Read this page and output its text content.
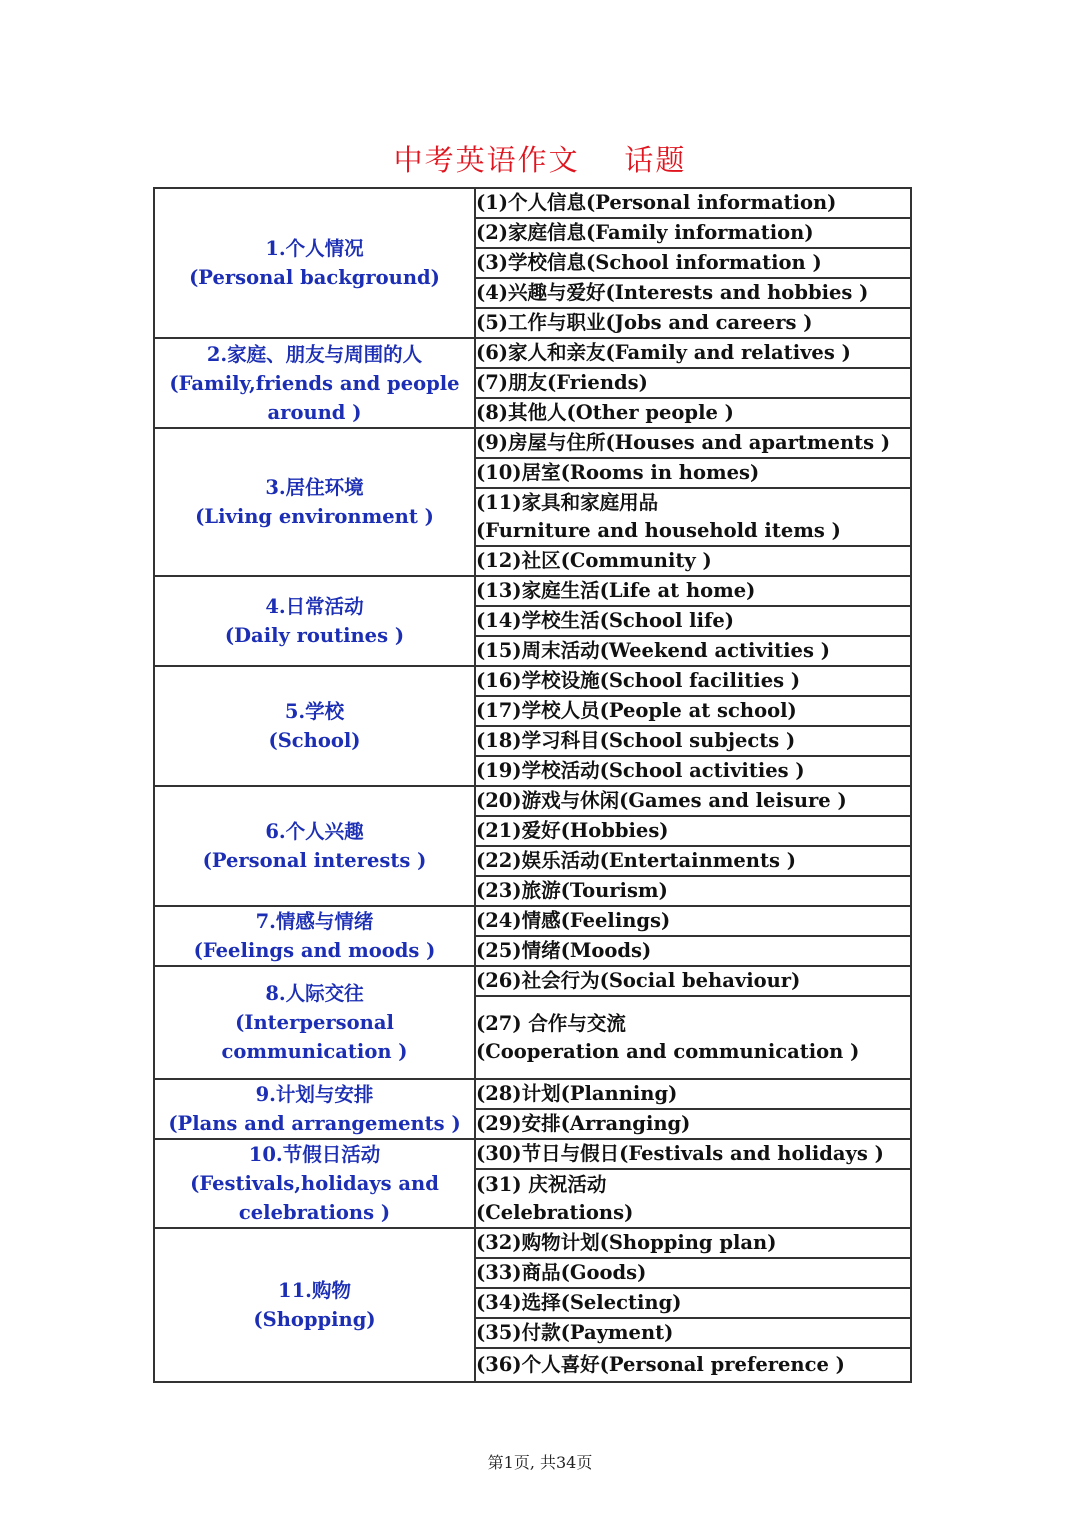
中考英语作文    话题
1.个人情况
(Personal background)	(1)个人信息(Personal information)
	(2)家庭信息(Family information)
	(3)学校信息(School information )
	(4)兴趣与爱好(Interests and hobbies )
	(5)工作与职业(Jobs and careers )

2.家庭、朋友与周围的人
(Family,friends and people around )	(6)家人和亲友(Family and relatives )
	(7)朋友(Friends)
	(8)其他人(Other people )

3.居住环境
(Living environment )	(9)房屋与住所(Houses and apartments )
	(10)居室(Rooms in homes)

	(11)家具和家庭用品
(Furniture and household items )

	(12)社区(Community )

4.日常活动
(Daily routines )	(13)家庭生活(Life at home)
	(14)学校生活(School life)
	(15)周末活动(Weekend activities )

5.学校
(School)	(16)学校设施(School facilities )
	(17)学校人员(People at school)
	(18)学习科目(School subjects )
	(19)学校活动(School activities )

6.个人兴趣
(Personal interests )	(20)游戏与休闲(Games and leisure )
	(21)爱好(Hobbies)
	(22)娱乐活动(Entertainments )
	(23)旅游(Tourism)

7.情感与情绪
(Feelings and moods )	(24)情感(Feelings)
	(25)情绪(Moods)

8.人际交往
(Interpersonal communication )	(26)社会行为(Social behaviour)

	(27) 合作与交流
(Cooperation and communication )

9.计划与安排
(Plans and arrangements )	(28)计划(Planning)
	(29)安排(Arranging)

10.节假日活动
(Festivals,holidays and celebrations )	(30)节日与假日(Festivals and holidays )

	(31) 庆祝活动
(Celebrations)

11.购物
(Shopping)	(32)购物计划(Shopping plan)
	(33)商品(Goods)
	(34)选择(Selecting)
	(35)付款(Payment)
	(36)个人喜好(Personal preference )
第1页, 共34页
